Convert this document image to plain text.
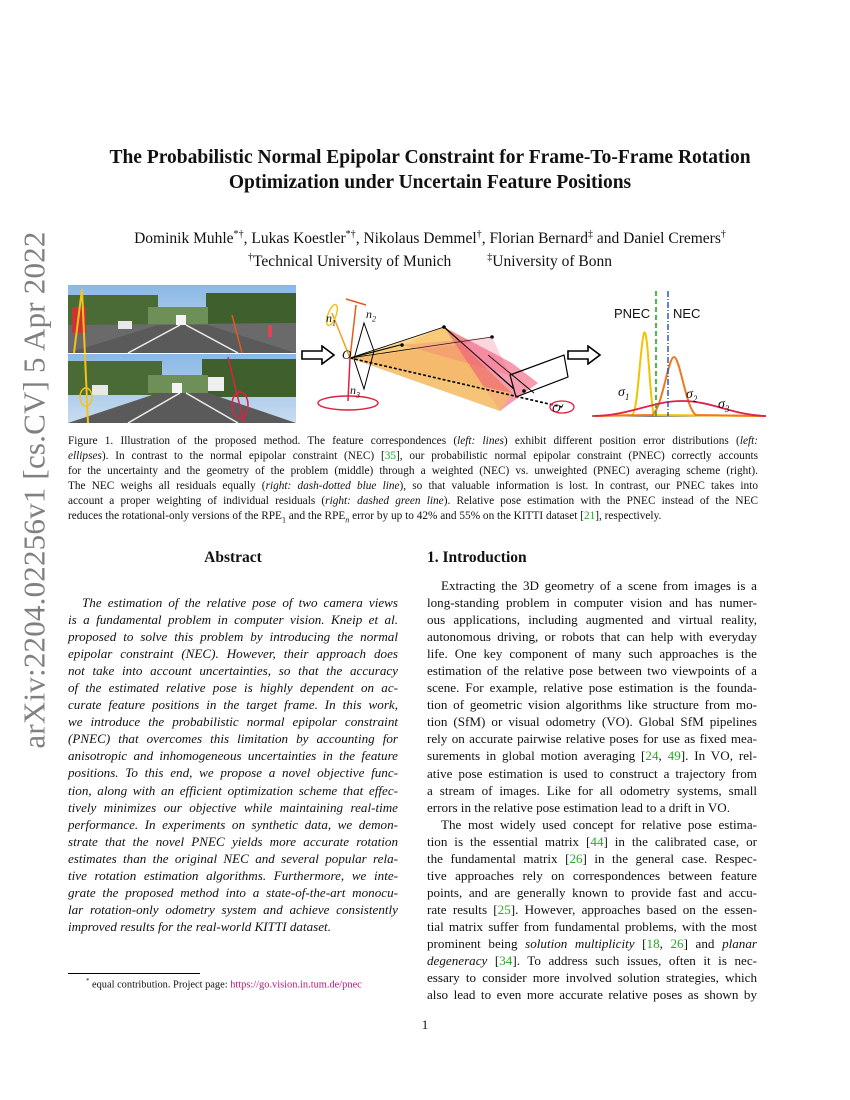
arXiv:2204.02256v1 [cs.CV] 5 Apr 2022
The Probabilistic Normal Epipolar Constraint for Frame-To-Frame Rotation
Optimization under Uncertain Feature Positions
Dominik Muhle*†, Lukas Koestler*†, Nikolaus Demmel†, Florian Bernard‡ and Daniel Cremers†
†Technical University of Munich	‡University of Bonn
$n_1$
$n_2$
O
$n_3$
O′
PNEC NEC
$\sigma_1$	$\sigma_2$ $\sigma_3$
Figure 1. Illustration of the proposed method. The feature correspondences (left: lines) exhibit different position error distributions (left:
ellipses). In contrast to the normal epipolar constraint (NEC) [35], our probabilistic normal epipolar constraint (PNEC) correctly accounts
for the uncertainty and the geometry of the problem (middle) through a weighted (NEC) vs. unweighted (PNEC) averaging scheme (right).
The NEC weighs all residuals equally (right: dash-dotted blue line), so that valuable information is lost. In contrast, our PNEC takes into
account a proper weighting of individual residuals (right: dashed green line). Relative pose estimation with the PNEC instead of the NEC
reduces the rotational-only versions of the $RPE_1$ and the $RPE_n$ error by up to 42% and 55% on the KITTI dataset [21], respectively.
Abstract
The estimation of the relative pose of two camera views
is a fundamental problem in computer vision. Kneip et al.
proposed to solve this problem by introducing the normal
epipolar constraint (NEC). However, their approach does
not take into account uncertainties, so that the accuracy
of the estimated relative pose is highly dependent on ac-
curate feature positions in the target frame. In this work,
we introduce the probabilistic normal epipolar constraint
(PNEC) that overcomes this limitation by accounting for
anisotropic and inhomogeneous uncertainties in the feature
positions. To this end, we propose a novel objective func-
tion, along with an efficient optimization scheme that effec-
tively minimizes our objective while maintaining real-time
performance. In experiments on synthetic data, we demon-
strate that the novel PNEC yields more accurate rotation
estimates than the original NEC and several popular rela-
tive rotation estimation algorithms. Furthermore, we inte-
grate the proposed method into a state-of-the-art monocu-
lar rotation-only odometry system and achieve consistently
improved results for the real-world KITTI dataset.
1. Introduction
Extracting the 3D geometry of a scene from images is a
long-standing problem in computer vision and has numer-
ous applications, including augmented and virtual reality,
autonomous driving, or robots that can help with everyday
life. One key component of many such approaches is the
estimation of the relative pose between two viewpoints of a
scene. For example, relative pose estimation is the founda-
tion of geometric vision algorithms like structure from mo-
tion (SfM) or visual odometry (VO). Global SfM pipelines
rely on accurate pairwise relative poses for use as fixed mea-
surements in global motion averaging [24, 49]. In VO, rel-
ative pose estimation is used to construct a trajectory from
a stream of images. Like for all odometry systems, small
errors in the relative pose estimation lead to a drift in VO.
The most widely used concept for relative pose estima-
tion is the essential matrix [44] in the calibrated case, or
the fundamental matrix [26] in the general case. Respec-
tive approaches rely on correspondences between feature
points, and are generally known to provide fast and accu-
rate results [25]. However, approaches based on the essen-
tial matrix suffer from fundamental problems, with the most
prominent being solution multiplicity [18, 26] and planar
degeneracy [34]. To address such issues, often it is nec-
essary to consider more involved solution strategies, which
also lead to even more accurate relative poses as shown by
* equal contribution. Project page: https://go.vision.in.tum.de/pnec
1
